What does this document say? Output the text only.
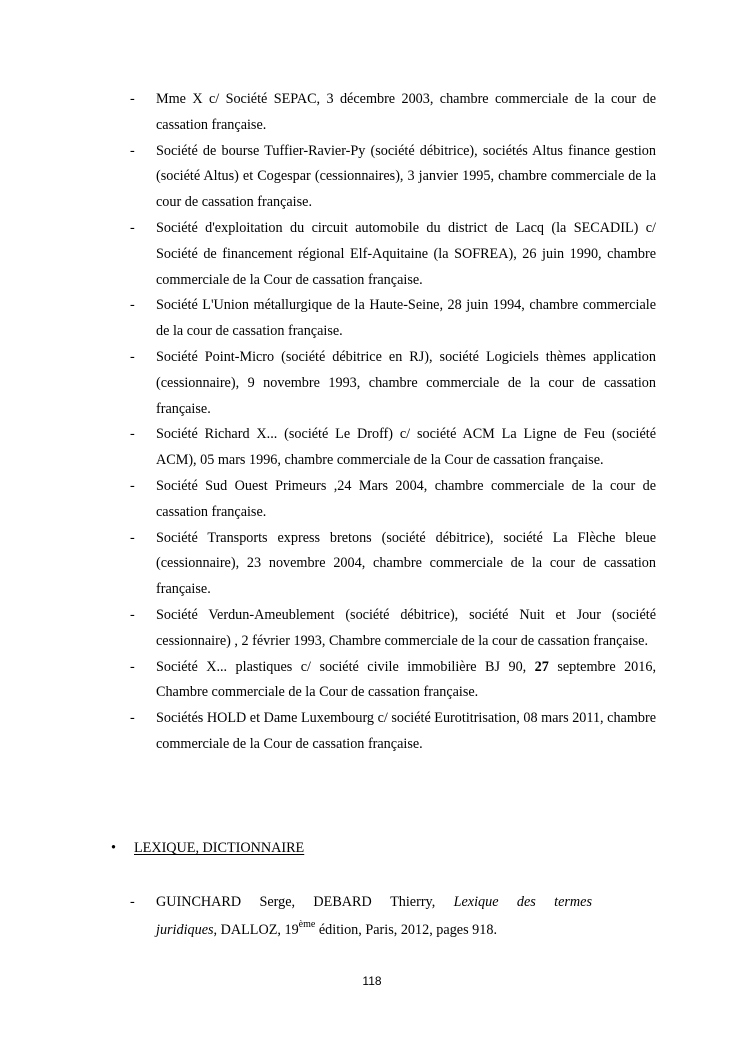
- Mme X c/ Société SEPAC, 3 décembre 2003, chambre commerciale de la cour de cassation française.
- Société de bourse Tuffier-Ravier-Py (société débitrice), sociétés Altus finance gestion (société Altus) et Cogespar (cessionnaires), 3 janvier 1995, chambre commerciale de la cour de cassation française.
- Société d'exploitation du circuit automobile du district de Lacq (la SECADIL) c/ Société de financement régional Elf-Aquitaine (la SOFREA), 26 juin 1990, chambre commerciale de la Cour de cassation française.
- Société L'Union métallurgique de la Haute-Seine, 28 juin 1994, chambre commerciale de la cour de cassation française.
- Société Point-Micro (société débitrice en RJ), société Logiciels thèmes application (cessionnaire), 9 novembre 1993, chambre commerciale de la cour de cassation française.
- Société Richard X... (société Le Droff) c/ société ACM La Ligne de Feu (société ACM), 05 mars 1996, chambre commerciale de la Cour de cassation française.
- Société Sud Ouest Primeurs ,24 Mars 2004, chambre commerciale de la cour de cassation française.
- Société Transports express bretons (société débitrice), société La Flèche bleue (cessionnaire), 23 novembre 2004, chambre commerciale de la cour de cassation française.
- Société Verdun-Ameublement (société débitrice), société Nuit et Jour (société cessionnaire) , 2 février 1993, Chambre commerciale de la cour de cassation française.
- Société X... plastiques c/ société civile immobilière BJ 90, 27 septembre 2016, Chambre commerciale de la Cour de cassation française.
- Sociétés HOLD et Dame Luxembourg c/ société Eurotitrisation, 08 mars 2011, chambre commerciale de la Cour de cassation française.
• LEXIQUE, DICTIONNAIRE
- GUINCHARD Serge, DEBARD Thierry, Lexique des termes
juridiques, DALLOZ, 19ème édition, Paris, 2012, pages 918.
118
